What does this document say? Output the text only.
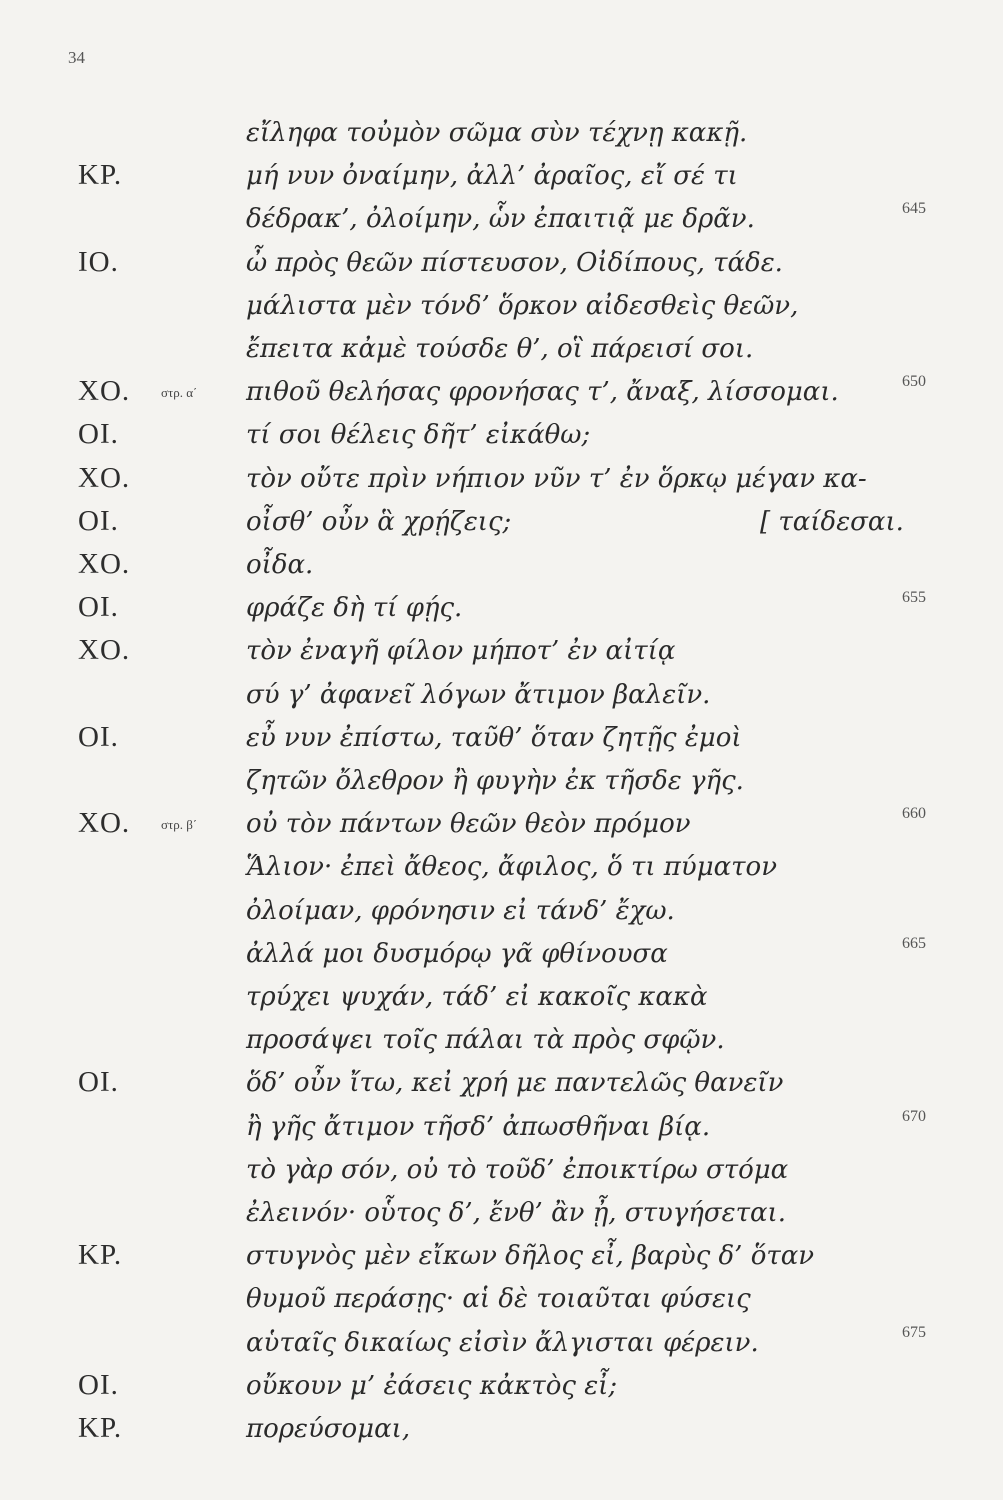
34
εἴληφα τοὐμὸν σῶμα σὺν τέχνῃ κακῇ.
ΚΡ.	μή νυν ὀναίμην, ἀλλ’ ἀραῖος, εἴ σέ τι
δέδρακ’, ὀλοίμην, ὧν ἐπαιτιᾷ με δρᾶν.	645
ΙΟ.	ὦ πρὸς θεῶν πίστευσον, Οἰδίπους, τάδε.
μάλιστα μὲν τόνδ’ ὅρκον αἰδεσθεὶς θεῶν,
ἔπειτα κἀμὲ τούσδε θ’, οἳ πάρεισί σοι.
ΧΟ. στρ. α΄ πιθοῦ θελήσας φρονήσας τ’, ἄναξ, λίσσομαι.	650
ΟΙ.	τί σοι θέλεις δῆτ’ εἰκάθω;
ΧΟ.	τὸν οὔτε πρὶν νήπιον νῦν τ’ ἐν ὅρκῳ μέγαν κα-
ΟΙ.	οἶσθ’ οὖν ἃ χρῄζεις;	[ ταίδεσαι.
ΧΟ.	οἶδα.
ΟΙ.	φράζε δὴ τί φῄς.	655
ΧΟ.	τὸν ἐναγῆ φίλον μήποτ’ ἐν αἰτίᾳ
σύ γ’ ἀφανεῖ λόγων ἄτιμον βαλεῖν.
ΟΙ.	εὖ νυν ἐπίστω, ταῦθ’ ὅταν ζητῇς ἐμοὶ
ζητῶν ὄλεθρον ἢ φυγὴν ἐκ τῆσδε γῆς.
ΧΟ. στρ. β΄ οὐ τὸν πάντων θεῶν θεὸν πρόμον	660
Ἅλιον· ἐπεὶ ἄθεος, ἄφιλος, ὅ τι πύματον
ὀλοίμαν, φρόνησιν εἰ τάνδ’ ἔχω.
ἀλλά μοι δυσμόρῳ γᾶ φθίνουσα	665
τρύχει ψυχάν, τάδ’ εἰ κακοῖς κακὰ
προσάψει τοῖς πάλαι τὰ πρὸς σφῷν.
ΟΙ.	ὅδ’ οὖν ἴτω, κεἰ χρή με παντελῶς θανεῖν
ἢ γῆς ἄτιμον τῆσδ’ ἀπωσθῆναι βίᾳ.	670
τὸ γὰρ σόν, οὐ τὸ τοῦδ’ ἐποικτίρω στόμα
ἐλεινόν· οὗτος δ’, ἔνθ’ ἂν ᾖ, στυγήσεται.
ΚΡ.	στυγνὸς μὲν εἴκων δῆλος εἶ, βαρὺς δ’ ὅταν
θυμοῦ περάσῃς· αἱ δὲ τοιαῦται φύσεις
αὑταῖς δικαίως εἰσὶν ἄλγισται φέρειν.	675
ΟΙ.	οὔκουν μ’ ἐάσεις κἀκτὸς εἶ;
ΚΡ.	πορεύσομαι,
